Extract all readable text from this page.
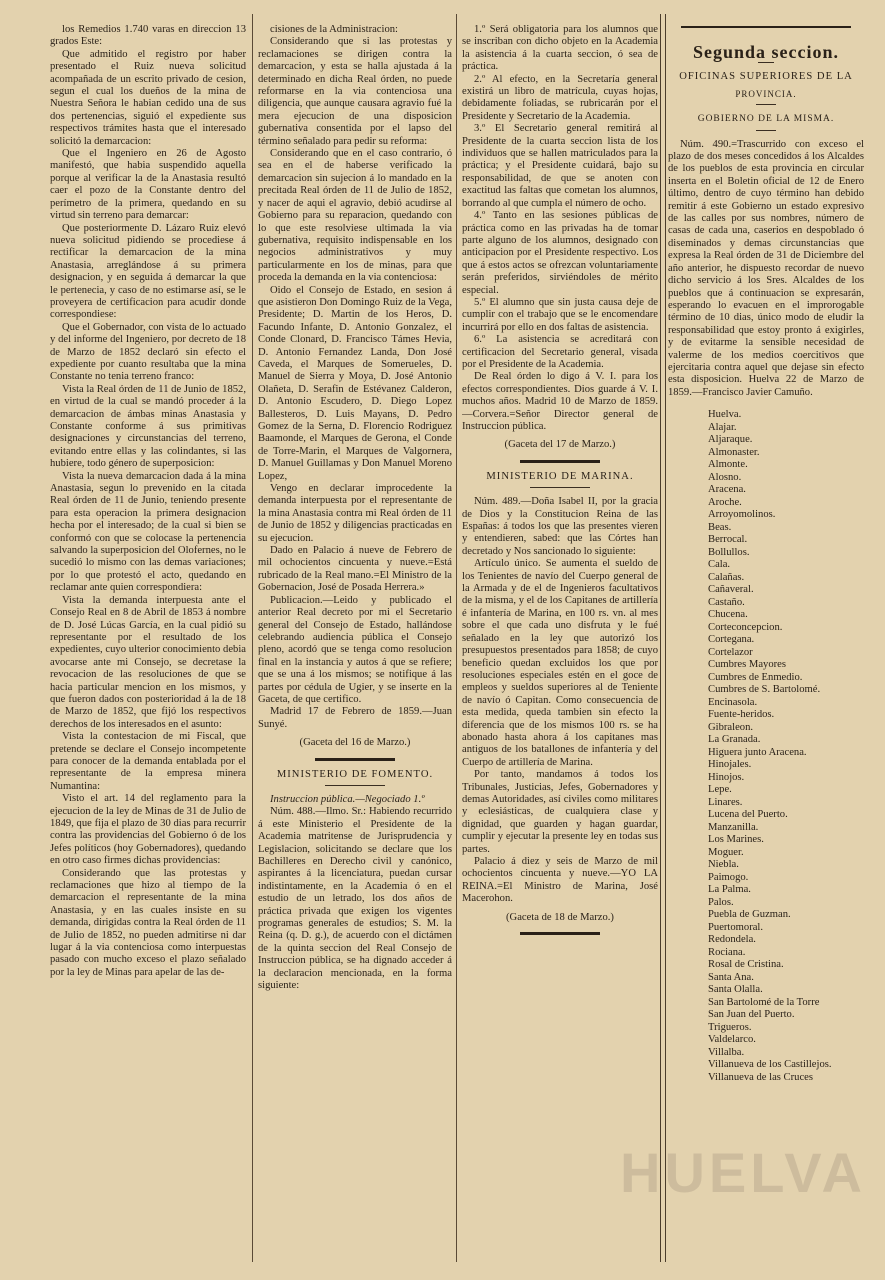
los Remedios 1.740 varas en direccion 13 grados Este:

Que admitido el registro por haber presentado el Ruiz nueva solicitud acompañada de un escrito privado de cesion, segun el cual los dueños de la mina de Nuestra Señora le habian cedido una de sus dos pertenencias, siguió el expediente sus respectivos trámites hasta que el interesado solicitó la demarcacion:

Que el Ingeniero en 26 de Agosto manifestó, que habia suspendido aquella porque al verificar la de la Anastasia resultó caer el pozo de la Constante dentro del perímetro de la primera, quedando en su virtud sin terreno para demarcar:

Que posteriormente D. Lázaro Ruiz elevó nueva solicitud pidiendo se procediese á rectificar la demarcacion de la mina Anastasia, arreglándose á su primera designacion, y en seguida á demarcar la que le pertenecia, y caso de no estimarse así, se le proveyera de certificacion para acudir donde correspondiese:

Que el Gobernador, con vista de lo actuado y del informe del Ingeniero, por decreto de 18 de Marzo de 1852 declaró sin efecto el expediente por cuanto resultaba que la mina Constante no tenia terreno franco:

Vista la Real órden de 11 de Junio de 1852, en virtud de la cual se mandó proceder á la demarcacion de ámbas minas Anastasia y Constante conforme á sus primitivas designaciones y circunstancias del terreno, evitando entre ellas y las colindantes, si las hubiere, todo género de superposicion:

Vista la nueva demarcacion dada á la mina Anastasia, segun lo prevenido en la citada Real órden de 11 de Junio, teniendo presente para esta operacion la primera designacion hecha por el interesado; de la cual si bien se conformó con que se colocase la pertenencia salvando la superposicion del Olofernes, no le sucedió lo mismo con las demas variaciones; por lo que protestó el acto, quedando en reclamar ante quien correspondiera:

Vista la demanda interpuesta ante el Consejo Real en 8 de Abril de 1853 á nombre de D. José Lúcas García, en la cual pidió su representante por el resultado de los expedientes, cuyo ulterior conocimiento debia avocarse ante mi Consejo, se decretase la revocacion de las resoluciones de que se hacia particular mencion en los mismos, y que fueron dados con posterioridad á la de 18 de Marzo de 1852, que fijó los respectivos derechos de los interesados en el asunto:

Vista la contestacion de mi Fiscal, que pretende se declare el Consejo incompetente para conocer de la demanda entablada por el representante de la empresa minera Numantina:

Visto el art. 14 del reglamento para la ejecucion de la ley de Minas de 31 de Julio de 1849, que fija el plazo de 30 dias para recurrir contra las providencias del Gobierno ó de los Jefes políticos (hoy Gobernadores), quedando en otro caso firmes dichas providencias:

Considerando que las protestas y reclamaciones que hizo al tiempo de la demarcacion el representante de la mina Anastasia, y en las cuales insiste en su demanda, dirigidas contra la Real órden de 11 de Julio de 1852, no pueden admitirse ni dar lugar á la via contenciosa como interpuestas pasado con mucho exceso el plazo señalado por la ley de Minas para apelar de las de-

cisiones de la Administracion:

Considerando que si las protestas y reclamaciones se dirigen contra la demarcacion, y esta se halla ajustada á la determinado en dicha Real órden, no puede reformarse en la via contenciosa una diligencia, que aunque causara agravio fué la mera ejecucion de una disposicion gubernativa consentida por el lapso del término señalado para pedir su reforma:

Considerando que en el caso contrario, ó sea en el de haberse verificado la demarcacion sin sujecion á lo mandado en la precitada Real órden de 11 de Julio de 1852, y nacer de aqui el agravio, debió acudirse al Gobierno para su reparacion, quedando con lo que este resolviese ultimada la via gubernativa, requisito indispensable en los negocios administrativos y muy particularmente en los de minas, para que proceda la demanda en la via contenciosa:

Oido el Consejo de Estado, en sesion á que asistieron Don Domingo Ruiz de la Vega, Presidente; D. Martin de los Heros, D. Facundo Infante, D. Antonio Gonzalez, el Conde Clonard, D. Francisco Támes Hevia, D. Antonio Fernandez Landa, Don José Caveda, el Marques de Somerueles, D. Manuel de Sierra y Moya, D. José Antonio Olañeta, D. Serafin de Estévanez Calderon, D. Antonio Escudero, D. Diego Lopez Ballesteros, D. Luis Mayans, D. Pedro Gomez de la Serna, D. Florencio Rodriguez Baamonde, el Marques de Gerona, el Conde de Torre-Marin, el Marques de Valgornera, D. Manuel Guillamas y Don Manuel Moreno Lopez,

Vengo en declarar improcedente la demanda interpuesta por el representante de la mina Anastasia contra mi Real órden de 11 de Junio de 1852 y diligencias practicadas en su ejecucion.

Dado en Palacio á nueve de Febrero de mil ochocientos cincuenta y nueve.=Está rubricado de la Real mano.=El Ministro de la Gobernacion, José de Posada Herrera.»

Publicacion.—Leido y publicado el anterior Real decreto por mi el Secretario general del Consejo de Estado, hallándose celebrando audiencia pública el Consejo pleno, acordó que se tenga como resolucion final en la instancia y autos á que se refiere; que se una á los mismos; se notifique á las partes por cédula de Ugier, y se inserte en la Gaceta, de que certifico.

Madrid 17 de Febrero de 1859.—Juan Sunyé.

(Gaceta del 16 de Marzo.)

MINISTERIO DE FOMENTO.

Instruccion pública.—Negociado 1.º

Núm. 488.—Ilmo. Sr.: Habiendo recurrido á este Ministerio el Presidente de la Academia matritense de Jurisprudencia y Legislacion, solicitando se declare que los Bachilleres en Derecho civil y canónico, aspirantes á la licenciatura, puedan cursar indistintamente, en la Academia ó en el estudio de un letrado, los dos años de práctica privada que exigen los vigentes programas generales de estudios; S. M. la Reina (q. D. g.), de acuerdo con el dictámen de la quinta seccion del Real Consejo de Instruccion pública, se ha dignado acceder á la declaracion mencionada, en la forma siguiente:

1.º Será obligatoria para los alumnos que se inscriban con dicho objeto en la Academia la asistencia á la cuarta seccion, ó sea de práctica.

2.º Al efecto, en la Secretaría general existirá un libro de matrícula, cuyas hojas, debidamente foliadas, se rubricarán por el Presidente y Secretario de la Academia.

3.º El Secretario general remitirá al Presidente de la cuarta seccion lista de los individuos que se hallen matriculados para la práctica; y el Presidente cuidará, bajo su responsabilidad, de que se anoten con exactitud las faltas que cometan los alumnos, borrando al que cumpla el número de ocho.

4.º Tanto en las sesiones públicas de práctica como en las privadas ha de tomar parte alguno de los alumnos, designado con anticipacion por el Presidente respectivo. Los que á estos actos se ofrezcan voluntariamente serán preferidos, sirviéndoles de mérito especial.

5.º El alumno que sin justa causa deje de cumplir con el trabajo que se le encomendare incurrirá por ello en dos faltas de asistencia.

6.º La asistencia se acreditará con certificacion del Secretario general, visada por el Presidente de la Academia.

De Real órden lo digo á V. I. para los efectos correspondientes. Dios guarde á V. I. muchos años. Madrid 10 de Marzo de 1859.—Corvera.=Señor Director general de Instruccion pública.

(Gaceta del 17 de Marzo.)

MINISTERIO DE MARINA.

Núm. 489.—Doña Isabel II, por la gracia de Dios y la Constitucion Reina de las Españas: á todos los que las presentes vieren y entendieren, sabed: que las Córtes han decretado y Nos sancionado lo siguiente:

Artículo único. Se aumenta el sueldo de los Tenientes de navío del Cuerpo general de la Armada y de el de Ingenieros facultativos de la misma, y el de los Capitanes de artillería é infantería de Marina, en 100 rs. vn. al mes sobre el que cada uno disfruta y le fué señalado en la ley que autorizó los presupuestos presentados para 1858; de cuyo beneficio quedan excluidos los que por resoluciones especiales estén en el goce de empleos y sueldos superiores al de Teniente de navío ó Capitan. Como consecuencia de esta medida, queda tambien sin efecto la diferencia que de los mismos 100 rs. se ha abonado hasta ahora á los capitanes mas antiguos de los batallones de infantería y del Cuerpo de artillería de Marina.

Por tanto, mandamos á todos los Tribunales, Justicias, Jefes, Gobernadores y demas Autoridades, así civiles como militares y eclesiásticas, de cualquiera clase y dignidad, que guarden y hagan guardar, cumplir y ejecutar la presente ley en todas sus partes.

Palacio á diez y seis de Marzo de mil ochocientos cincuenta y nueve.—YO LA REINA.=El Ministro de Marina, José Macerohon.

(Gaceta de 18 de Marzo.)

Segunda seccion.

OFICINAS SUPERIORES DE LA

PROVINCIA.

GOBIERNO DE LA MISMA.

Núm. 490.=Trascurrido con exceso el plazo de dos meses concedidos á los Alcaldes de los pueblos de esta provincia en circular inserta en el Boletin oficial de 12 de Enero último, dentro de cuyo término han debido remitir á este Gobierno un estado expresivo de las calles por sus nombres, número de casas de cada una, caserios en despoblado ó diseminados y demas circunstancias que expresa la Real órden de 31 de Diciembre del año anterior, he dispuesto recordar de nuevo dicho servicio á los Sres. Alcaldes de los pueblos que á continuacion se expresarán, esperando lo evacuen en el improrogable término de 10 dias, único modo de eludir la responsabilidad que estoy pronto á exigirles, y de evitarme la sensible necesidad de valerme de los medios coercitivos que ejercitaria contra aquel que dejase sin efecto esta disposicion. Huelva 22 de Marzo de 1859.—Francisco Javier Camuño.

Huelva.
Alajar.
Aljaraque.
Almonaster.
Almonte.
Alosno.
Aracena.
Aroche.
Arroyomolinos.
Beas.
Berrocal.
Bollullos.
Cala.
Calañas.
Cañaveral.
Castaño.
Chucena.
Corteconcepcion.
Cortegana.
Cortelazor
Cumbres Mayores
Cumbres de Enmedio.
Cumbres de S. Bartolomé.
Encinasola.
Fuente-heridos.
Gibraleon.
La Granada.
Higuera junto Aracena.
Hinojales.
Hinojos.
Lepe.
Linares.
Lucena del Puerto.
Manzanilla.
Los Marines.
Moguer.
Niebla.
Paimogo.
La Palma.
Palos.
Puebla de Guzman.
Puertomoral.
Redondela.
Rociana.
Rosal de Cristina.
Santa Ana.
Santa Olalla.
San Bartolomé de la Torre
San Juan del Puerto.
Trigueros.
Valdelarco.
Villalba.
Villanueva de los Castillejos.
Villanueva de las Cruces
HUELVA
